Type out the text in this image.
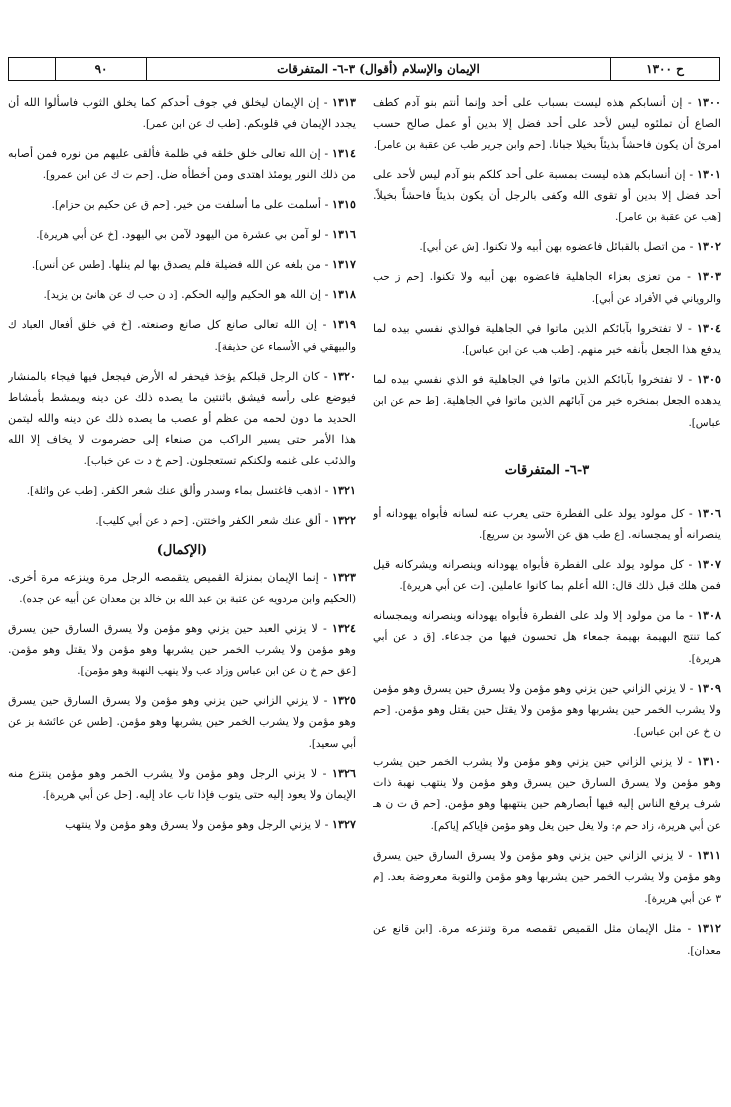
ح ١٣٠٠
الإيمان والإسلام (أقوال) ٣-٦- المتفرقات
٩٠

١٣٠٠ - إن أنسابكم هذه ليست بسباب على أحد وإنما أنتم بنو آدم كطف الصاع أن تملئوه ليس لأحد على أحد فضل إلا بدين أو عمل صالح حسب امرئ أن يكون فاحشاً بذيئاً بخيلا جبانا. [حم وابن جرير طب عن عقبة بن عامر].

١٣٠١ - إن أنسابكم هذه ليست بمسبة على أحد كلكم بنو آدم ليس لأحد على أحد فضل إلا بدين أو تقوى الله وكفى بالرجل أن يكون بذيئاً فاحشاً بخيلاً. [هب عن عقبة بن عامر].

١٣٠٢ - من اتصل بالقبائل فاعضوه بهن أبيه ولا تكنوا. [ش عن أبي].

١٣٠٣ - من تعزى بعزاء الجاهلية فاعضوه بهن أبيه ولا تكنوا. [حم ز حب والروياني في الأفراد عن أبي].

١٣٠٤ - لا تفتخروا بآبائكم الذين ماتوا في الجاهلية فوالذي نفسي بيده لما يدفع هذا الجعل بأنفه خير منهم. [طب هب عن ابن عباس].

١٣٠٥ - لا تفتخروا بآبائكم الذين ماتوا في الجاهلية فو الذي نفسي بيده لما يدهده الجعل بمنخره خير من آبائهم الذين ماتوا في الجاهلية. [ط حم عن ابن عباس].

٣-٦- المتفرقات

١٣٠٦ - كل مولود يولد على الفطرة حتى يعرب عنه لسانه فأبواه يهودانه أو ينصرانه أو يمجسانه. [ع طب هق عن الأسود بن سريع].

١٣٠٧ - كل مولود يولد على الفطرة فأبواه يهودانه وينصرانه ويشركانه قيل فمن هلك قبل ذلك قال: الله أعلم بما كانوا عاملين. [ت عن أبي هريرة].

١٣٠٨ - ما من مولود إلا ولد على الفطرة فأبواه يهودانه وينصرانه ويمجسانه كما تنتج البهيمة بهيمة جمعاء هل تحسون فيها من جدعاء. [ق د عن أبي هريرة].

١٣٠٩ - لا يزني الزاني حين يزني وهو مؤمن ولا يسرق حين يسرق وهو مؤمن ولا يشرب الخمر حين يشربها وهو مؤمن ولا يقتل حين يقتل وهو مؤمن. [حم ن خ عن ابن عباس].

١٣١٠ - لا يزني الزاني حين يزني وهو مؤمن ولا يشرب الخمر حين يشرب وهو مؤمن ولا يسرق السارق حين يسرق وهو مؤمن ولا ينتهب نهبة ذات شرف يرفع الناس إليه فيها أبصارهم حين ينتهبها وهو مؤمن. [حم ق ت ن هـ عن أبي هريرة، زاد حم م: ولا يغل حين يغل وهو مؤمن فإياكم إياكم].

١٣١١ - لا يزني الزاني حين يزني وهو مؤمن ولا يسرق السارق حين يسرق وهو مؤمن ولا يشرب الخمر حين يشربها وهو مؤمن والتوبة معروضة بعد. [م ٣ عن أبي هريرة].

١٣١٢ - مثل الإيمان مثل القميص تقمصه مرة وتنزعه مرة. [ابن قانع عن معدان].

١٣١٣ - إن الإيمان ليخلق في جوف أحدكم كما يخلق الثوب فاسألوا الله أن يجدد الإيمان في قلوبكم. [طب ك عن ابن عمر].

١٣١٤ - إن الله تعالى خلق خلقه في ظلمة فألقى عليهم من نوره فمن أصابه من ذلك النور يومئذ اهتدى ومن أخطأه ضل. [حم ت ك عن ابن عمرو].

١٣١٥ - أسلمت على ما أسلفت من خير. [حم ق عن حكيم بن حزام].

١٣١٦ - لو آمن بي عشرة من اليهود لآمن بي اليهود. [خ عن أبي هريرة].

١٣١٧ - من بلغه عن الله فضيلة فلم يصدق بها لم ينلها. [طس عن أنس].

١٣١٨ - إن الله هو الحكيم وإليه الحكم. [د ن حب ك عن هانئ بن يزيد].

١٣١٩ - إن الله تعالى صانع كل صانع وصنعته. [خ في خلق أفعال العباد ك والبيهقي في الأسماء عن حذيفة].

١٣٢٠ - كان الرجل قبلكم يؤخذ فيحفر له الأرض فيجعل فيها فيجاء بالمنشار فيوضع على رأسه فيشق باثنتين ما يصده ذلك عن دينه ويمشط بأمشاط الحديد ما دون لحمه من عظم أو عصب ما يصده ذلك عن دينه والله ليتمن هذا الأمر حتى يسير الراكب من صنعاء إلى حضرموت لا يخاف إلا الله والذئب على غنمه ولكنكم تستعجلون. [حم خ د ت عن خباب].

١٣٢١ - اذهب فاغتسل بماء وسدر وألق عنك شعر الكفر. [طب عن واثلة].

١٣٢٢ - ألق عنك شعر الكفر واختتن. [حم د عن أبي كليب].

(الإكمال)

١٣٢٣ - إنما الإيمان بمنزلة القميص يتقمصه الرجل مرة وينزعه مرة أخرى. (الحكيم وابن مردويه عن عتبة بن عبد الله بن خالد بن معدان عن أبيه عن جده).

١٣٢٤ - لا يزني العبد حين يزني وهو مؤمن ولا يسرق السارق حين يسرق وهو مؤمن ولا يشرب الخمر حين يشربها وهو مؤمن ولا يقتل وهو مؤمن. [عق حم خ ن عن ابن عباس وزاد عب ولا ينهب النهبة وهو مؤمن].

١٣٢٥ - لا يزني الزاني حين يزني وهو مؤمن ولا يسرق السارق حين يسرق وهو مؤمن ولا يشرب الخمر حين يشربها وهو مؤمن. [طس عن عائشة بز عن أبي سعيد].

١٣٢٦ - لا يزني الرجل وهو مؤمن ولا يشرب الخمر وهو مؤمن ينتزع منه الإيمان ولا يعود إليه حتى يتوب فإذا تاب عاد إليه. [حل عن أبي هريرة].

١٣٢٧ - لا يزني الرجل وهو مؤمن ولا يسرق وهو مؤمن ولا ينتهب
